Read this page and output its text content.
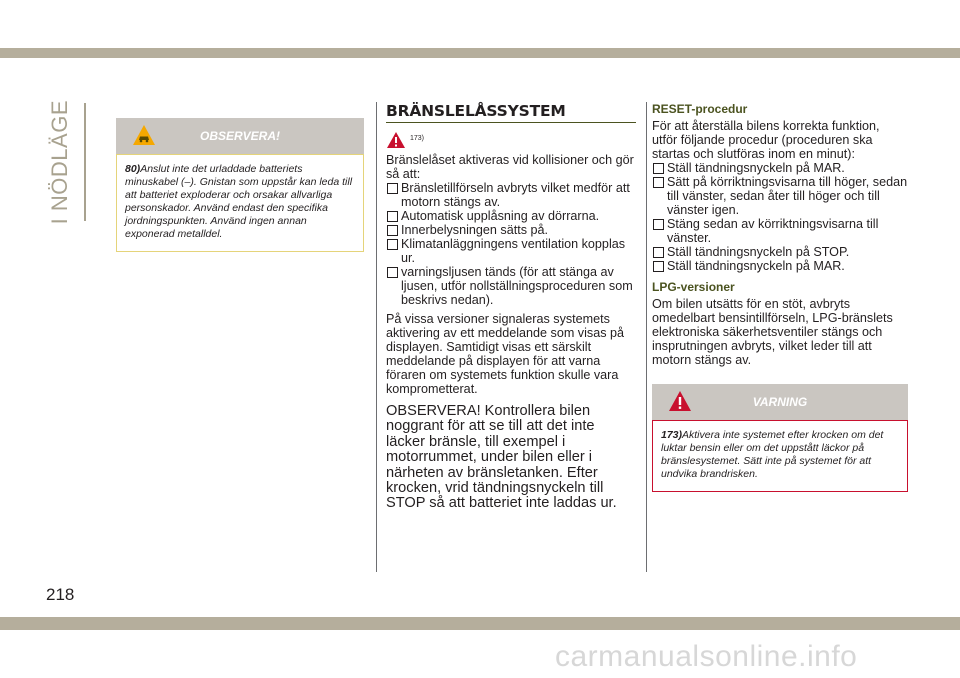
I NÖDLÄGE	OBSERVERA!
80)Anslut inte det urladdade batteriets minuskabel (–). Gnistan som uppstår kan leda till att batteriet exploderar och orsakar allvarliga personskador. Använd endast den specifika jordningspunkten. Använd ingen annan exponerad metalldel.
BRÄNSLELÅSSYSTEM
173)

Bränslelåset aktiveras vid kollisioner och gör så att:

Bränsletillförseln avbryts vilket medför att motorn stängs av.
Automatisk upplåsning av dörrarna.
Innerbelysningen sätts på.
Klimatanläggningens ventilation kopplas ur.
varningsljusen tänds (för att stänga av ljusen, utför nollställningsproceduren som beskrivs nedan).

På vissa versioner signaleras systemets aktivering av ett meddelande som visas på displayen. Samtidigt visas ett särskilt meddelande på displayen för att varna föraren om systemets funktion skulle vara komprometterat.

OBSERVERA! Kontrollera bilen noggrant för att se till att det inte läcker bränsle, till exempel i motorrummet, under bilen eller i närheten av bränsletanken. Efter krocken, vrid tändningsnyckeln till STOP så att batteriet inte laddas ur.

RESET-procedur

För att återställa bilens korrekta funktion, utför följande procedur (proceduren ska startas och slutföras inom en minut):

Ställ tändningsnyckeln på MAR.
Sätt på körriktningsvisarna till höger, sedan till vänster, sedan åter till höger och till vänster igen.
Stäng sedan av körriktningsvisarna till vänster.
Ställ tändningsnyckeln på STOP.
Ställ tändningsnyckeln på MAR.
LPG-versioner

Om bilen utsätts för en stöt, avbryts omedelbart bensintillförseln, LPG-bränslets elektroniska säkerhetsventiler stängs och insprutningen avbryts, vilket leder till att motorn stängs av.

VARNING
173)Aktivera inte systemet efter krocken om det luktar bensin eller om det uppstått läckor på bränslesystemet. Sätt inte på systemet för att undvika brandrisken.
218
carmanualsonline.info
